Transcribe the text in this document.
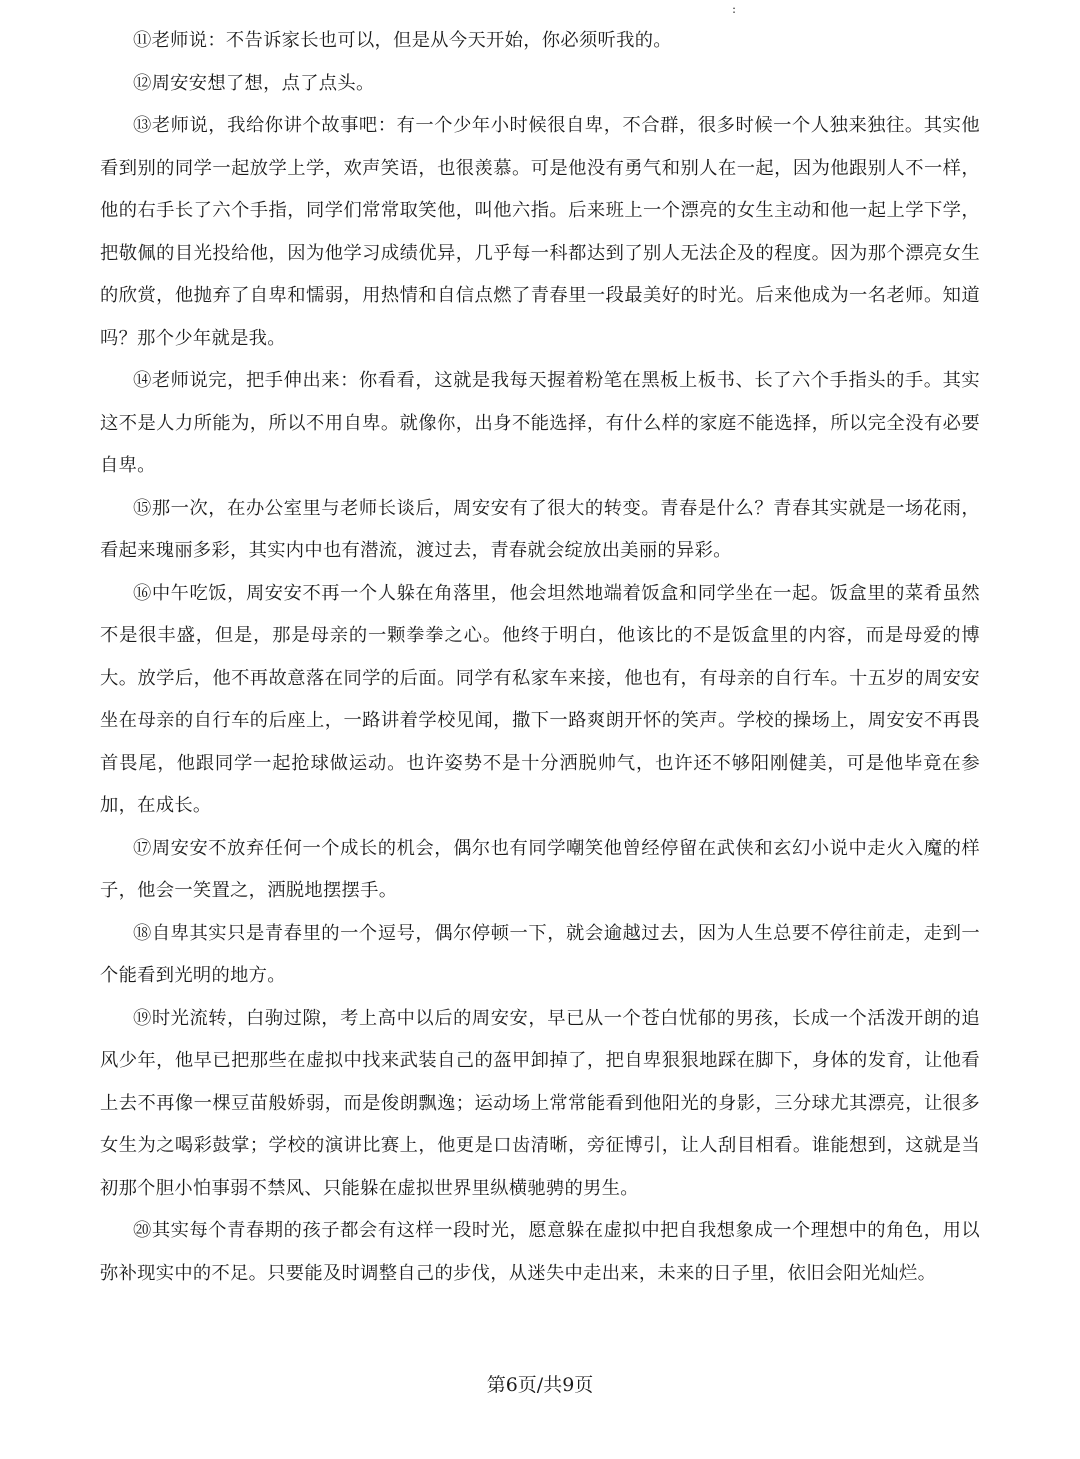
:

⑪老师说：不告诉家长也可以，但是从今天开始，你必须听我的。

⑫周安安想了想，点了点头。

⑬老师说，我给你讲个故事吧：有一个少年小时候很自卑，不合群，很多时候一个人独来独往。其实他看到别的同学一起放学上学，欢声笑语，也很羡慕。可是他没有勇气和别人在一起，因为他跟别人不一样，他的右手长了六个手指，同学们常常取笑他，叫他六指。后来班上一个漂亮的女生主动和他一起上学下学，把敬佩的目光投给他，因为他学习成绩优异，几乎每一科都达到了别人无法企及的程度。因为那个漂亮女生的欣赏，他抛弃了自卑和懦弱，用热情和自信点燃了青春里一段最美好的时光。后来他成为一名老师。知道吗？那个少年就是我。

⑭老师说完，把手伸出来：你看看，这就是我每天握着粉笔在黑板上板书、长了六个手指头的手。其实这不是人力所能为，所以不用自卑。就像你，出身不能选择，有什么样的家庭不能选择，所以完全没有必要自卑。

⑮那一次，在办公室里与老师长谈后，周安安有了很大的转变。青春是什么？青春其实就是一场花雨，看起来瑰丽多彩，其实内中也有潜流，渡过去，青春就会绽放出美丽的异彩。

⑯中午吃饭，周安安不再一个人躲在角落里，他会坦然地端着饭盒和同学坐在一起。饭盒里的菜肴虽然不是很丰盛，但是，那是母亲的一颗拳拳之心。他终于明白，他该比的不是饭盒里的内容，而是母爱的博大。放学后，他不再故意落在同学的后面。同学有私家车来接，他也有，有母亲的自行车。十五岁的周安安坐在母亲的自行车的后座上，一路讲着学校见闻，撒下一路爽朗开怀的笑声。学校的操场上，周安安不再畏首畏尾，他跟同学一起抢球做运动。也许姿势不是十分洒脱帅气，也许还不够阳刚健美，可是他毕竟在参加，在成长。

⑰周安安不放弃任何一个成长的机会，偶尔也有同学嘲笑他曾经停留在武侠和玄幻小说中走火入魔的样子，他会一笑置之，洒脱地摆摆手。

⑱自卑其实只是青春里的一个逗号，偶尔停顿一下，就会逾越过去，因为人生总要不停往前走，走到一个能看到光明的地方。

⑲时光流转，白驹过隙，考上高中以后的周安安，早已从一个苍白忧郁的男孩，长成一个活泼开朗的追风少年，他早已把那些在虚拟中找来武装自己的盔甲卸掉了，把自卑狠狠地踩在脚下，身体的发育，让他看上去不再像一棵豆苗般娇弱，而是俊朗飘逸；运动场上常常能看到他阳光的身影，三分球尤其漂亮，让很多女生为之喝彩鼓掌；学校的演讲比赛上，他更是口齿清晰，旁征博引，让人刮目相看。谁能想到，这就是当初那个胆小怕事弱不禁风、只能躲在虚拟世界里纵横驰骋的男生。

⑳其实每个青春期的孩子都会有这样一段时光，愿意躲在虚拟中把自我想象成一个理想中的角色，用以弥补现实中的不足。只要能及时调整自己的步伐，从迷失中走出来，未来的日子里，依旧会阳光灿烂。

第6页/共9页
